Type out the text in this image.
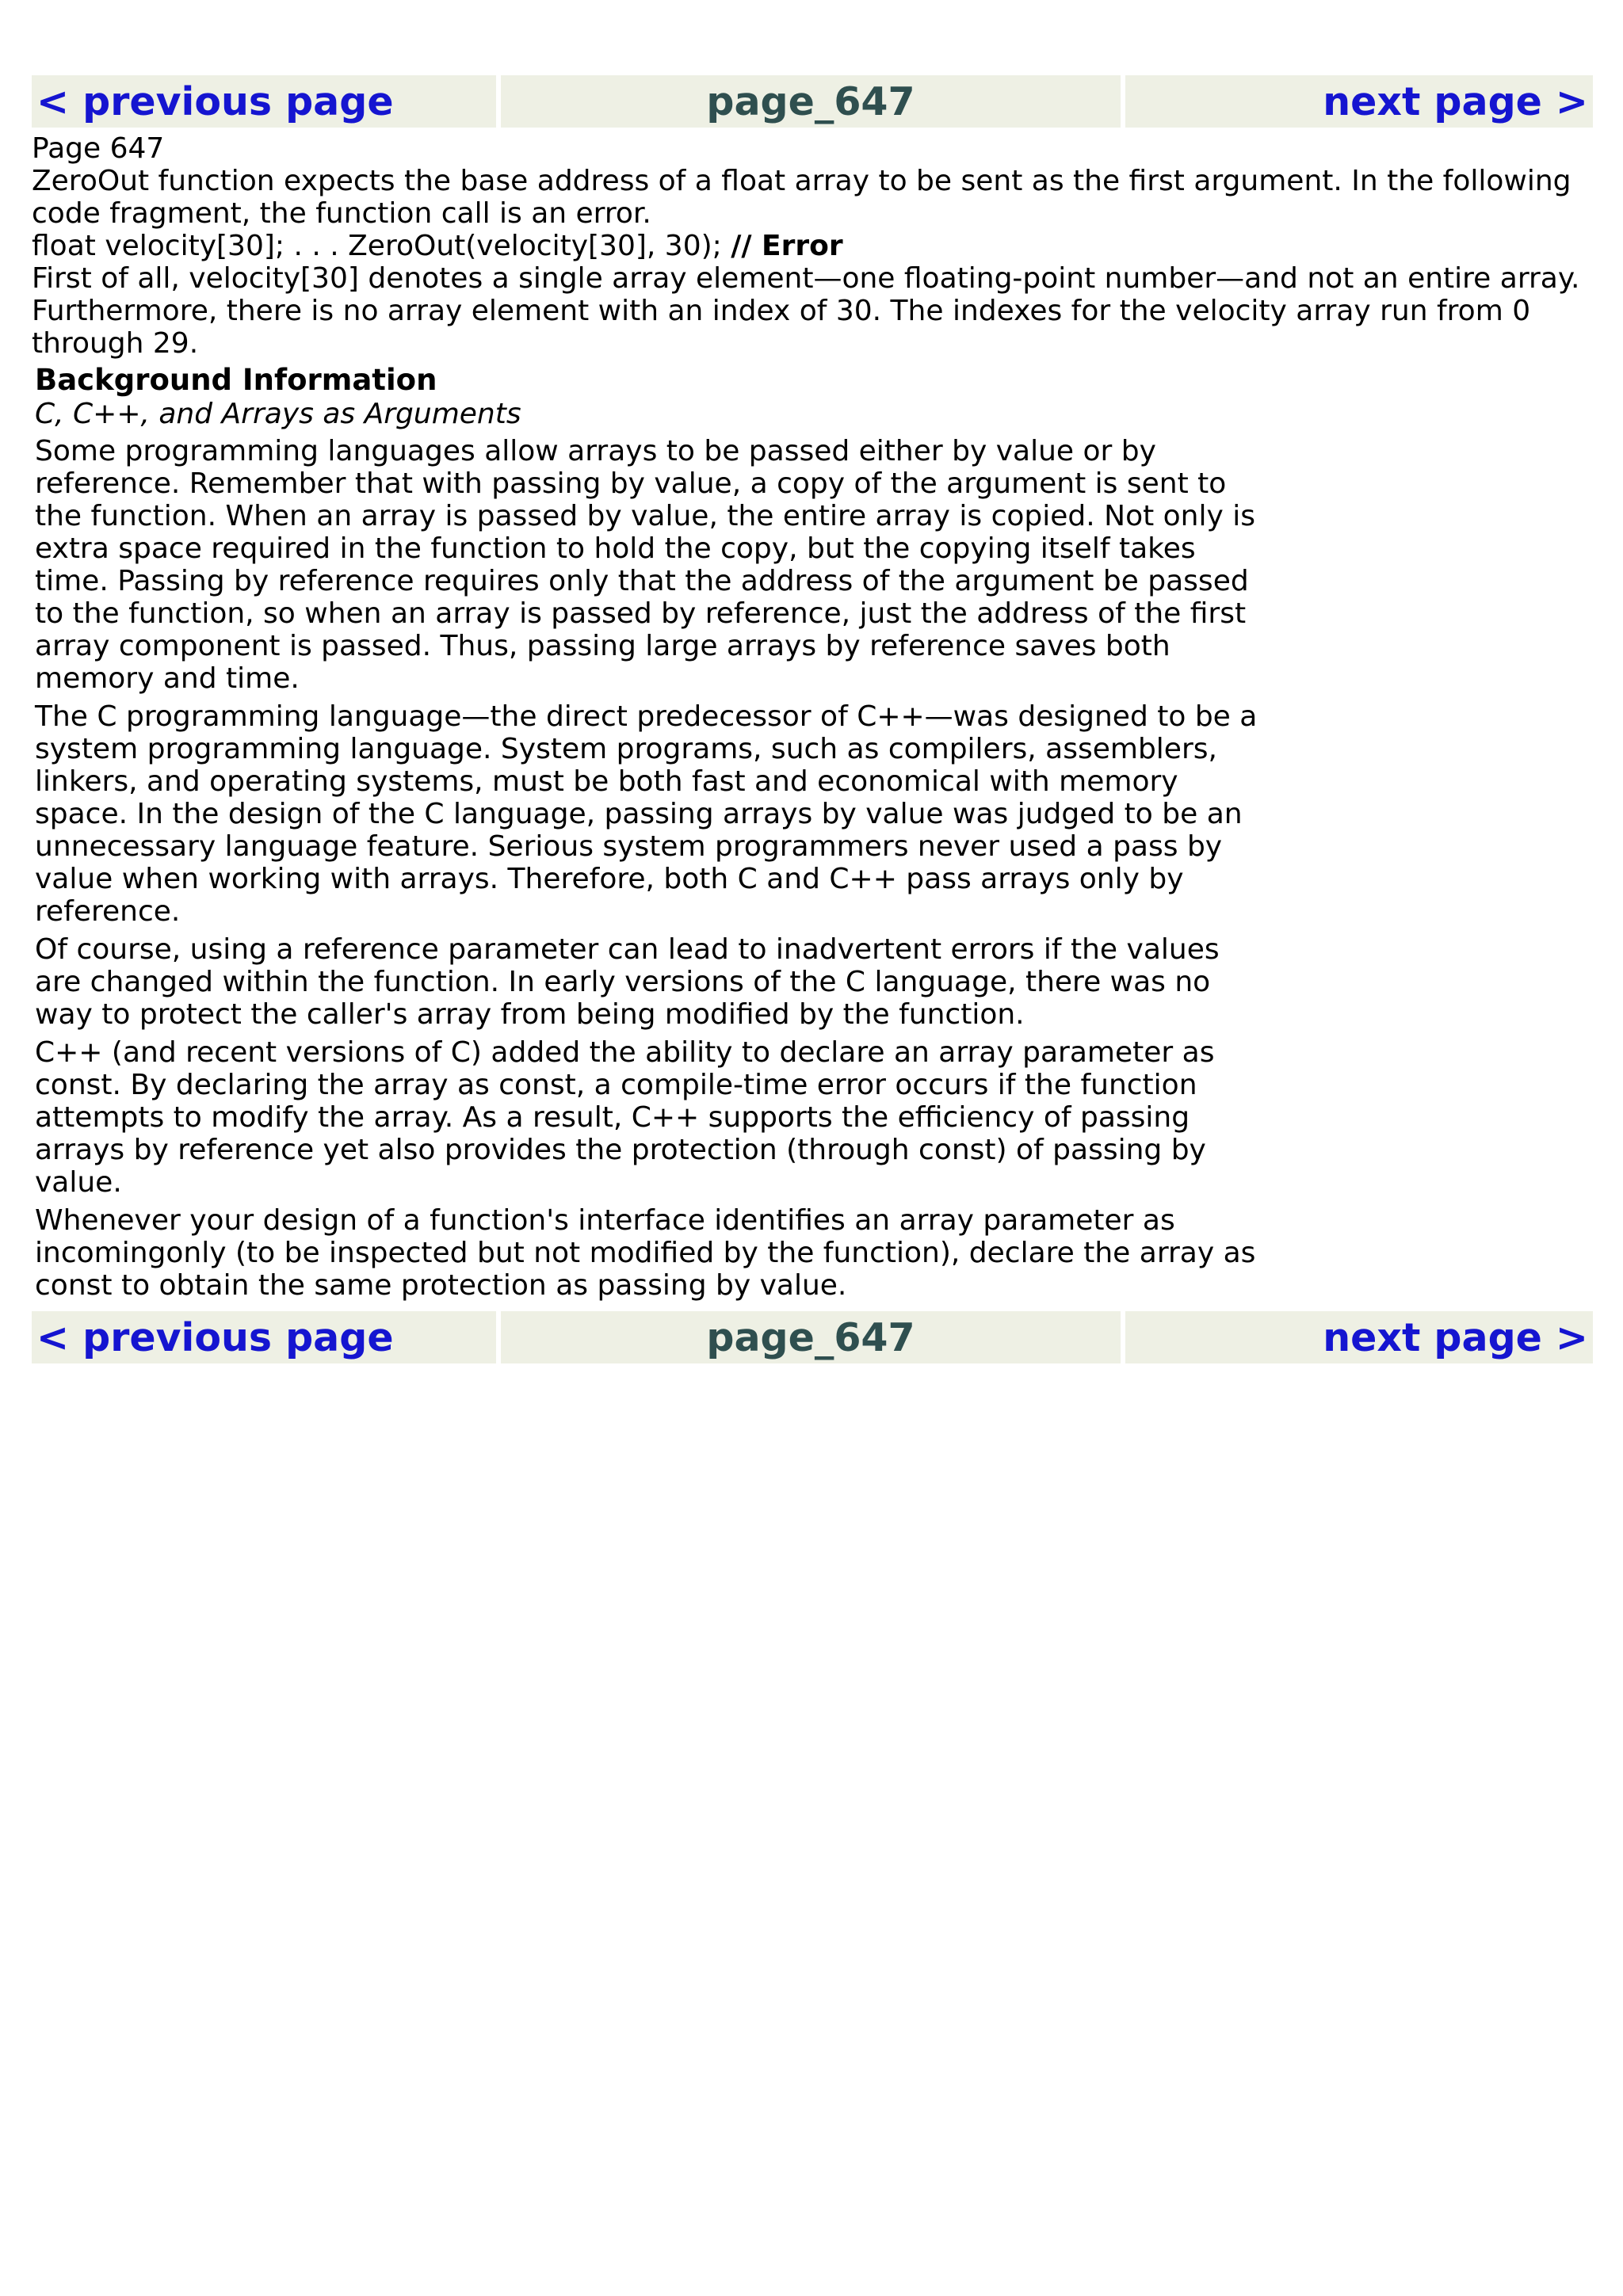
< previous page	page_647	next page >

Page 647

ZeroOut function expects the base address of a float array to be sent as the first argument. In the following code fragment, the function call is an error.

float velocity[30]; . . . ZeroOut(velocity[30], 30); // Error

First of all, velocity[30] denotes a single array element—one floating-point number—and not an entire array. Furthermore, there is no array element with an index of 30. The indexes for the velocity array run from 0 through 29.

Background Information
C, C++, and Arrays as Arguments

Some programming languages allow arrays to be passed either by value or by reference. Remember that with passing by value, a copy of the argument is sent to the function. When an array is passed by value, the entire array is copied. Not only is extra space required in the function to hold the copy, but the copying itself takes time. Passing by reference requires only that the address of the argument be passed to the function, so when an array is passed by reference, just the address of the first array component is passed. Thus, passing large arrays by reference saves both memory and time.

The C programming language—the direct predecessor of C++—was designed to be a system programming language. System programs, such as compilers, assemblers, linkers, and operating systems, must be both fast and economical with memory space. In the design of the C language, passing arrays by value was judged to be an unnecessary language feature. Serious system programmers never used a pass by value when working with arrays. Therefore, both C and C++ pass arrays only by reference.

Of course, using a reference parameter can lead to inadvertent errors if the values are changed within the function. In early versions of the C language, there was no way to protect the caller's array from being modified by the function.

C++ (and recent versions of C) added the ability to declare an array parameter as const. By declaring the array as const, a compile-time error occurs if the function attempts to modify the array. As a result, C++ supports the efficiency of passing arrays by reference yet also provides the protection (through const) of passing by value.

Whenever your design of a function's interface identifies an array parameter as incomingonly (to be inspected but not modified by the function), declare the array as const to obtain the same protection as passing by value.

< previous page	page_647	next page >
